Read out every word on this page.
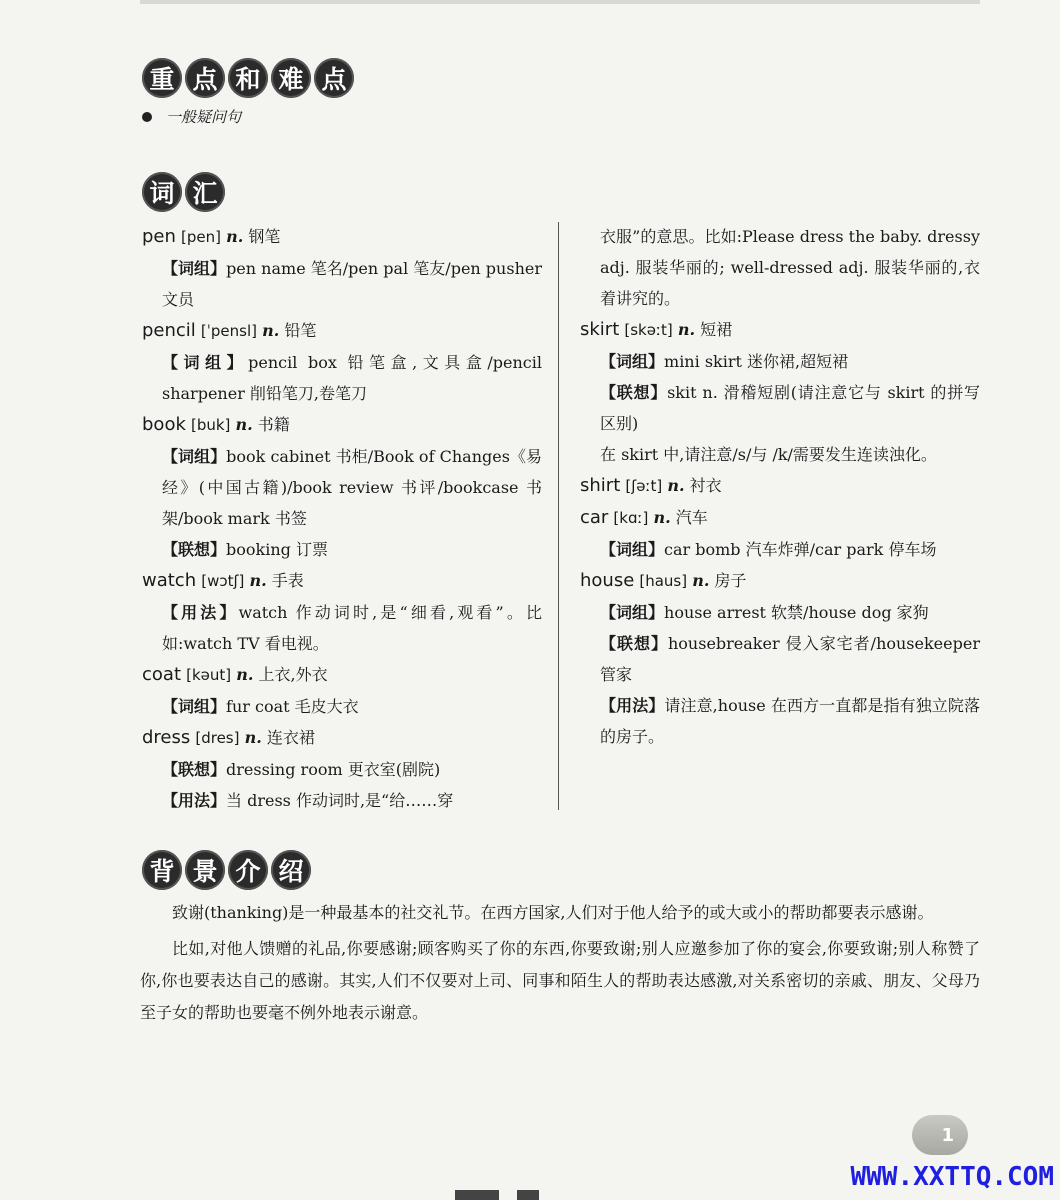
重 点 和 难 点
一般疑问句
词 汇

pen [pen] n. 钢笔

【词组】pen name 笔名/pen pal 笔友/pen pusher 文员

pencil [ˈpensl] n. 铅笔

【词组】pencil box 铅笔盒,文具盒/pencil sharpener 削铅笔刀,卷笔刀

book [buk] n. 书籍

【词组】book cabinet 书柜/Book of Changes《易经》(中国古籍)/book review 书评/bookcase 书架/book mark 书签

【联想】booking 订票

watch [wɔtʃ] n. 手表

【用法】watch 作动词时,是“细看,观看”。比如:watch TV 看电视。

coat [kəut] n. 上衣,外衣

【词组】fur coat 毛皮大衣

dress [dres] n. 连衣裙

【联想】dressing room 更衣室(剧院)

【用法】当 dress 作动词时,是“给……穿

衣服”的意思。比如:Please dress the baby. dressy adj. 服装华丽的; well-dressed adj. 服装华丽的,衣着讲究的。

skirt [skəːt] n. 短裙

【词组】mini skirt 迷你裙,超短裙

【联想】skit n. 滑稽短剧(请注意它与 skirt 的拼写区别)

在 skirt 中,请注意/s/与 /k/需要发生连读浊化。

shirt [ʃəːt] n. 衬衣

car [kɑː] n. 汽车

【词组】car bomb 汽车炸弹/car park 停车场

house [haus] n. 房子

【词组】house arrest 软禁/house dog 家狗

【联想】housebreaker 侵入家宅者/housekeeper 管家

【用法】请注意,house 在西方一直都是指有独立院落的房子。

背 景 介 绍

致谢(thanking)是一种最基本的社交礼节。在西方国家,人们对于他人给予的或大或小的帮助都要表示感谢。

比如,对他人馈赠的礼品,你要感谢;顾客购买了你的东西,你要致谢;别人应邀参加了你的宴会,你要致谢;别人称赞了你,你也要表达自己的感谢。其实,人们不仅要对上司、同事和陌生人的帮助表达感激,对关系密切的亲戚、朋友、父母乃至子女的帮助也要毫不例外地表示谢意。

1
WWW.XXTTQ.COM
